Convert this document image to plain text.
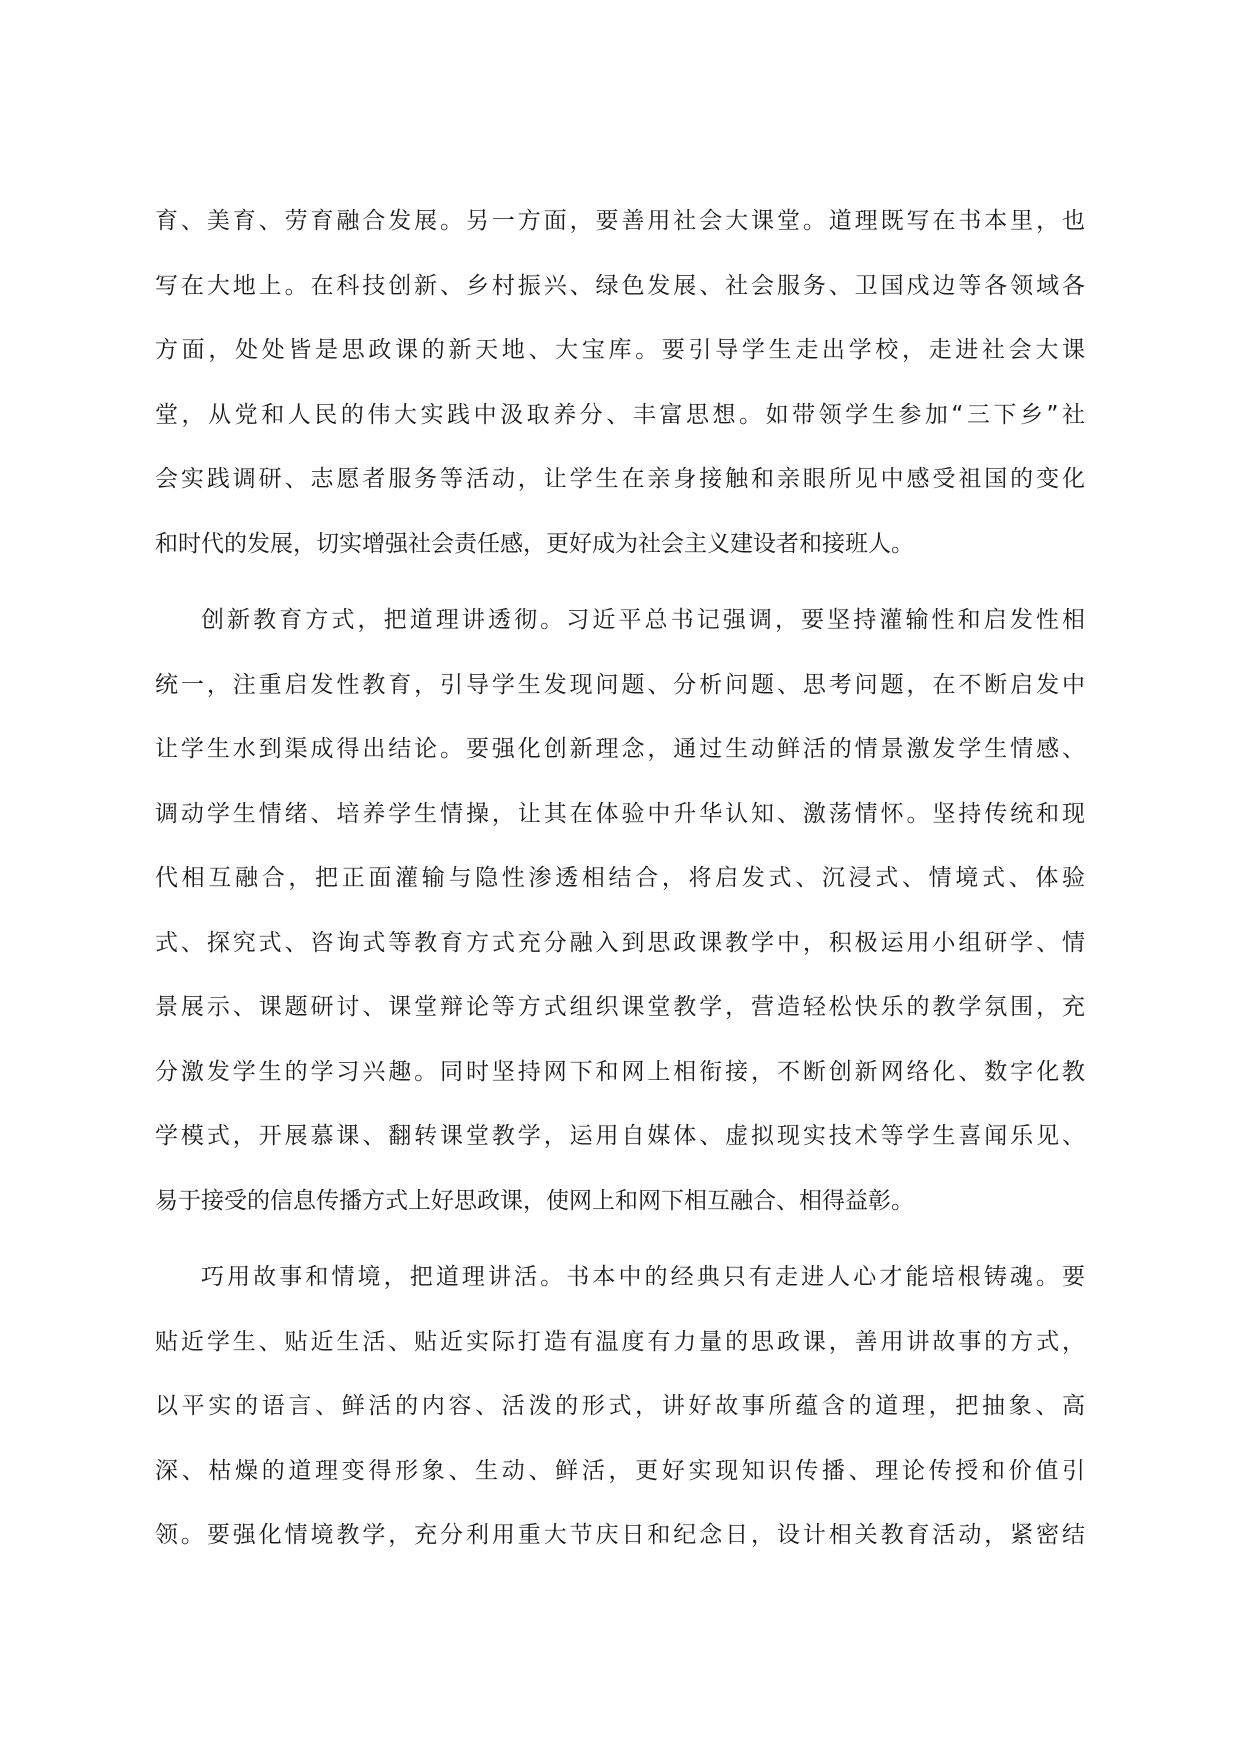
育、美育、劳育融合发展。另一方面，要善用社会大课堂。道理既写在书本里，也

写在大地上。在科技创新、乡村振兴、绿色发展、社会服务、卫国戍边等各领域各

方面，处处皆是思政课的新天地、大宝库。要引导学生走出学校，走进社会大课

堂，从党和人民的伟大实践中汲取养分、丰富思想。如带领学生参加“三下乡”社

会实践调研、志愿者服务等活动，让学生在亲身接触和亲眼所见中感受祖国的变化

和时代的发展，切实增强社会责任感，更好成为社会主义建设者和接班人。

创新教育方式，把道理讲透彻。习近平总书记强调，要坚持灌输性和启发性相

统一，注重启发性教育，引导学生发现问题、分析问题、思考问题，在不断启发中

让学生水到渠成得出结论。要强化创新理念，通过生动鲜活的情景激发学生情感、

调动学生情绪、培养学生情操，让其在体验中升华认知、激荡情怀。坚持传统和现

代相互融合，把正面灌输与隐性渗透相结合，将启发式、沉浸式、情境式、体验

式、探究式、咨询式等教育方式充分融入到思政课教学中，积极运用小组研学、情

景展示、课题研讨、课堂辩论等方式组织课堂教学，营造轻松快乐的教学氛围，充

分激发学生的学习兴趣。同时坚持网下和网上相衔接，不断创新网络化、数字化教

学模式，开展慕课、翻转课堂教学，运用自媒体、虚拟现实技术等学生喜闻乐见、

易于接受的信息传播方式上好思政课，使网上和网下相互融合、相得益彰。

巧用故事和情境，把道理讲活。书本中的经典只有走进人心才能培根铸魂。要

贴近学生、贴近生活、贴近实际打造有温度有力量的思政课，善用讲故事的方式，

以平实的语言、鲜活的内容、活泼的形式，讲好故事所蕴含的道理，把抽象、高

深、枯燥的道理变得形象、生动、鲜活，更好实现知识传播、理论传授和价值引

领。要强化情境教学，充分利用重大节庆日和纪念日，设计相关教育活动，紧密结
